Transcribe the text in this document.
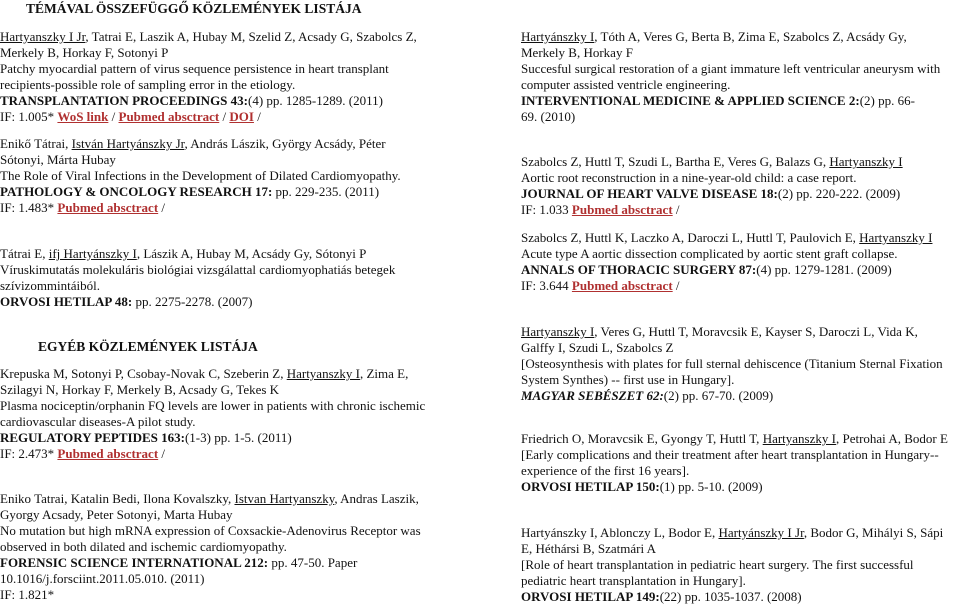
TÉMÁVAL ÖSSZEFÜGGŐ KÖZLEMÉNYEK LISTÁJA
EGYÉB KÖZLEMÉNYEK LISTÁJA
Hartyanszky I Jr, Tatrai E, Laszik A, Hubay M, Szelid Z, Acsady G, Szabolcs Z,
Merkely B, Horkay F, Sotonyi P
Patchy myocardial pattern of virus sequence persistence in heart transplant
recipients-possible role of sampling error in the etiology.
TRANSPLANTATION PROCEEDINGS 43:(4) pp. 1285-1289. (2011)
IF: 1.005* WoS link / Pubmed absctract / DOI /
Enikő Tátrai, István Hartyánszky Jr, András Lászik, György Acsády, Péter
Sótonyi, Márta Hubay
The Role of Viral Infections in the Development of Dilated Cardiomyopathy.
PATHOLOGY & ONCOLOGY RESEARCH 17: pp. 229-235. (2011)
IF: 1.483* Pubmed absctract /
Tátrai E, ifj Hartyánszky I, Lászik A, Hubay M, Acsády Gy, Sótonyi P
Víruskimutatás molekuláris biológiai vizsgálattal cardiomyophatiás betegek
szívizommintáiból.
ORVOSI HETILAP 48: pp. 2275-2278. (2007)
Krepuska M, Sotonyi P, Csobay-Novak C, Szeberin Z, Hartyanszky I, Zima E,
Szilagyi N, Horkay F, Merkely B, Acsady G, Tekes K
Plasma nociceptin/orphanin FQ levels are lower in patients with chronic ischemic
cardiovascular diseases-A pilot study.
REGULATORY PEPTIDES 163:(1-3) pp. 1-5. (2011)
IF: 2.473* Pubmed absctract /
Eniko Tatrai, Katalin Bedi, Ilona Kovalszky, Istvan Hartyanszky, Andras Laszik,
Gyorgy Acsady, Peter Sotonyi, Marta Hubay
No mutation but high mRNA expression of Coxsackie-Adenovirus Receptor was
observed in both dilated and ischemic cardiomyopathy.
FORENSIC SCIENCE INTERNATIONAL 212: pp. 47-50. Paper
10.1016/j.forsciint.2011.05.010. (2011)
IF: 1.821*
Hartyánszky I, Tóth A, Veres G, Berta B, Zima E, Szabolcs Z, Acsády Gy,
Merkely B, Horkay F
Succesful surgical restoration of a giant immature left ventricular aneurysm with
computer assisted ventricle engineering.
INTERVENTIONAL MEDICINE & APPLIED SCIENCE 2:(2) pp. 66-
69. (2010)
Szabolcs Z, Huttl T, Szudi L, Bartha E, Veres G, Balazs G, Hartyanszky I
Aortic root reconstruction in a nine-year-old child: a case report.
JOURNAL OF HEART VALVE DISEASE 18:(2) pp. 220-222. (2009)
IF: 1.033 Pubmed absctract /
Szabolcs Z, Huttl K, Laczko A, Daroczi L, Huttl T, Paulovich E, Hartyanszky I
Acute type A aortic dissection complicated by aortic stent graft collapse.
ANNALS OF THORACIC SURGERY 87:(4) pp. 1279-1281. (2009)
IF: 3.644 Pubmed absctract /
Hartyanszky I, Veres G, Huttl T, Moravcsik E, Kayser S, Daroczi L, Vida K,
Galffy I, Szudi L, Szabolcs Z
[Osteosynthesis with plates for full sternal dehiscence (Titanium Sternal Fixation
System Synthes) -- first use in Hungary].
MAGYAR SEBÉSZET 62:(2) pp. 67-70. (2009)
Friedrich O, Moravcsik E, Gyongy T, Huttl T, Hartyanszky I, Petrohai A, Bodor E
[Early complications and their treatment after heart transplantation in Hungary--
experience of the first 16 years].
ORVOSI HETILAP 150:(1) pp. 5-10. (2009)
Hartyánszky I, Ablonczy L, Bodor E, Hartyánszky I Jr, Bodor G, Mihályi S, Sápi
E, Héthársi B, Szatmári A
[Role of heart transplantation in pediatric heart surgery. The first successful
pediatric heart transplantation in Hungary].
ORVOSI HETILAP 149:(22) pp. 1035-1037. (2008)
